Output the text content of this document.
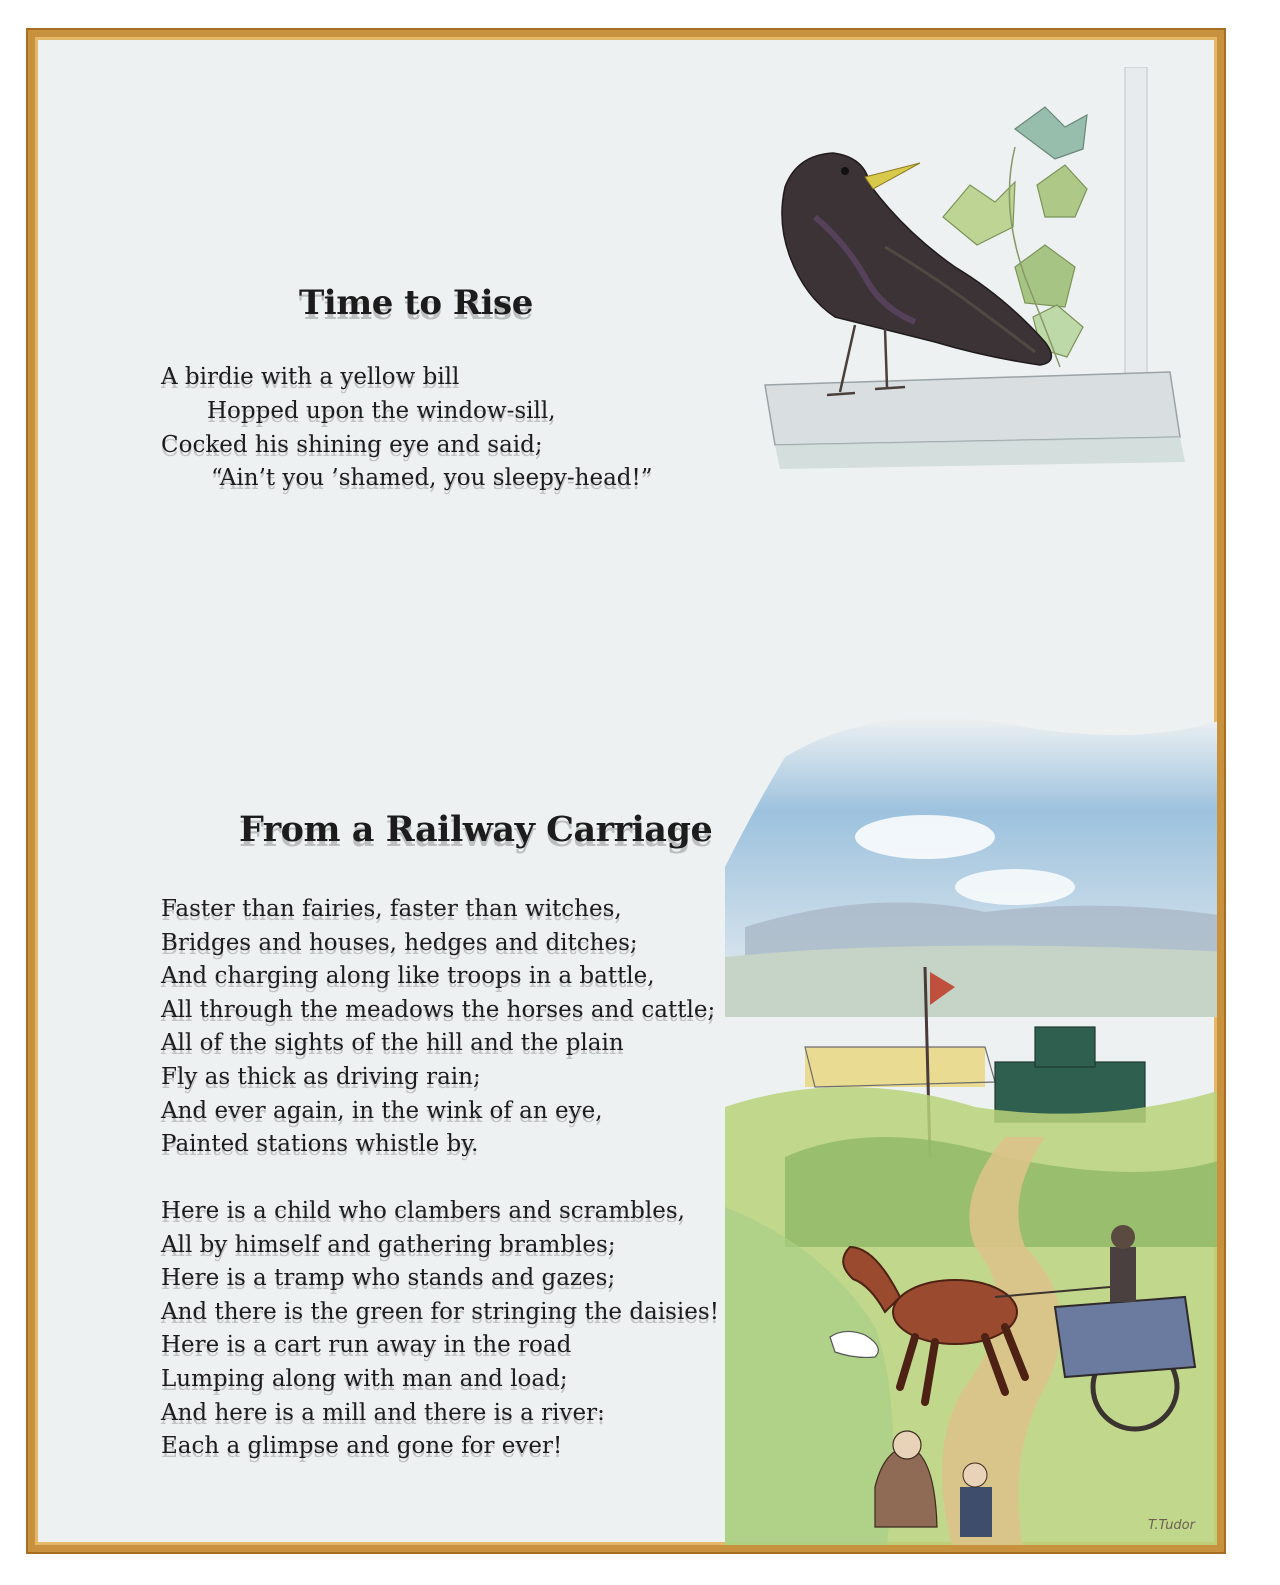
Time to Rise
A birdie with a yellow bill
Hopped upon the window-sill,
Cocked his shining eye and said;
“Ain’t you ’shamed, you sleepy-head!”
From a Railway Carriage
Faster than fairies, faster than witches,
Bridges and houses, hedges and ditches;
And charging along like troops in a battle,
All through the meadows the horses and cattle;
All of the sights of the hill and the plain
Fly as thick as driving rain;
And ever again, in the wink of an eye,
Painted stations whistle by.
Here is a child who clambers and scrambles,
All by himself and gathering brambles;
Here is a tramp who stands and gazes;
And there is the green for stringing the daisies!
Here is a cart run away in the road
Lumping along with man and load;
And here is a mill and there is a river:
Each a glimpse and gone for ever!
T.Tudor
